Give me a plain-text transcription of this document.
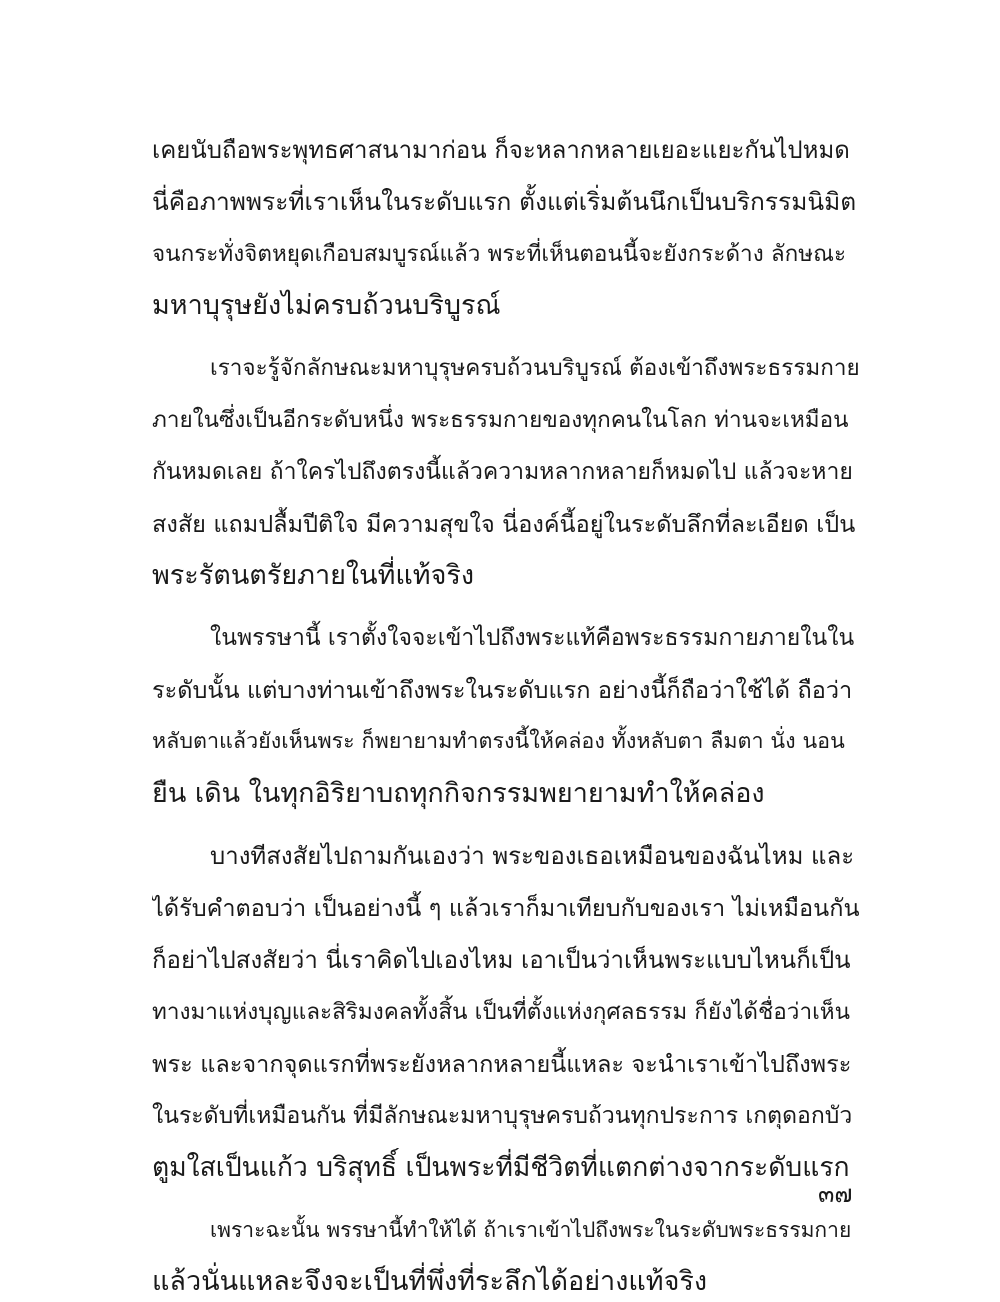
เคยนับถือพระพุทธศาสนามาก่อน ก็จะหลากหลายเยอะแยะกันไปหมด
นี่คือภาพพระที่เราเห็นในระดับแรก ตั้งแต่เริ่มต้นนึกเป็นบริกรรมนิมิต
จนกระทั่งจิตหยุดเกือบสมบูรณ์แล้ว พระที่เห็นตอนนี้จะยังกระด้าง ลักษณะ
มหาบุรุษยังไม่ครบถ้วนบริบูรณ์
เราจะรู้จักลักษณะมหาบุรุษครบถ้วนบริบูรณ์ ต้องเข้าถึงพระธรรมกาย
ภายในซึ่งเป็นอีกระดับหนึ่ง พระธรรมกายของทุกคนในโลก ท่านจะเหมือน
กันหมดเลย ถ้าใครไปถึงตรงนี้แล้วความหลากหลายก็หมดไป แล้วจะหาย
สงสัย แถมปลื้มปีติใจ มีความสุขใจ นี่องค์นี้อยู่ในระดับลึกที่ละเอียด เป็น
พระรัตนตรัยภายในที่แท้จริง
ในพรรษานี้ เราตั้งใจจะเข้าไปถึงพระแท้คือพระธรรมกายภายในใน
ระดับนั้น แต่บางท่านเข้าถึงพระในระดับแรก อย่างนี้ก็ถือว่าใช้ได้ ถือว่า
หลับตาแล้วยังเห็นพระ ก็พยายามทำตรงนี้ให้คล่อง ทั้งหลับตา ลืมตา นั่ง นอน
ยืน เดิน ในทุกอิริยาบถทุกกิจกรรมพยายามทำให้คล่อง
บางทีสงสัยไปถามกันเองว่า พระของเธอเหมือนของฉันไหม และ
ได้รับคำตอบว่า เป็นอย่างนี้ ๆ แล้วเราก็มาเทียบกับของเรา ไม่เหมือนกัน
ก็อย่าไปสงสัยว่า นี่เราคิดไปเองไหม เอาเป็นว่าเห็นพระแบบไหนก็เป็น
ทางมาแห่งบุญและสิริมงคลทั้งสิ้น เป็นที่ตั้งแห่งกุศลธรรม ก็ยังได้ชื่อว่าเห็น
พระ และจากจุดแรกที่พระยังหลากหลายนี้แหละ จะนำเราเข้าไปถึงพระ
ในระดับที่เหมือนกัน ที่มีลักษณะมหาบุรุษครบถ้วนทุกประการ เกตุดอกบัว
ตูมใสเป็นแก้ว บริสุทธิ์ เป็นพระที่มีชีวิตที่แตกต่างจากระดับแรก
เพราะฉะนั้น พรรษานี้ทำให้ได้ ถ้าเราเข้าไปถึงพระในระดับพระธรรมกาย
แล้วนั่นแหละจึงจะเป็นที่พึ่งที่ระลึกได้อย่างแท้จริง
๓๗
